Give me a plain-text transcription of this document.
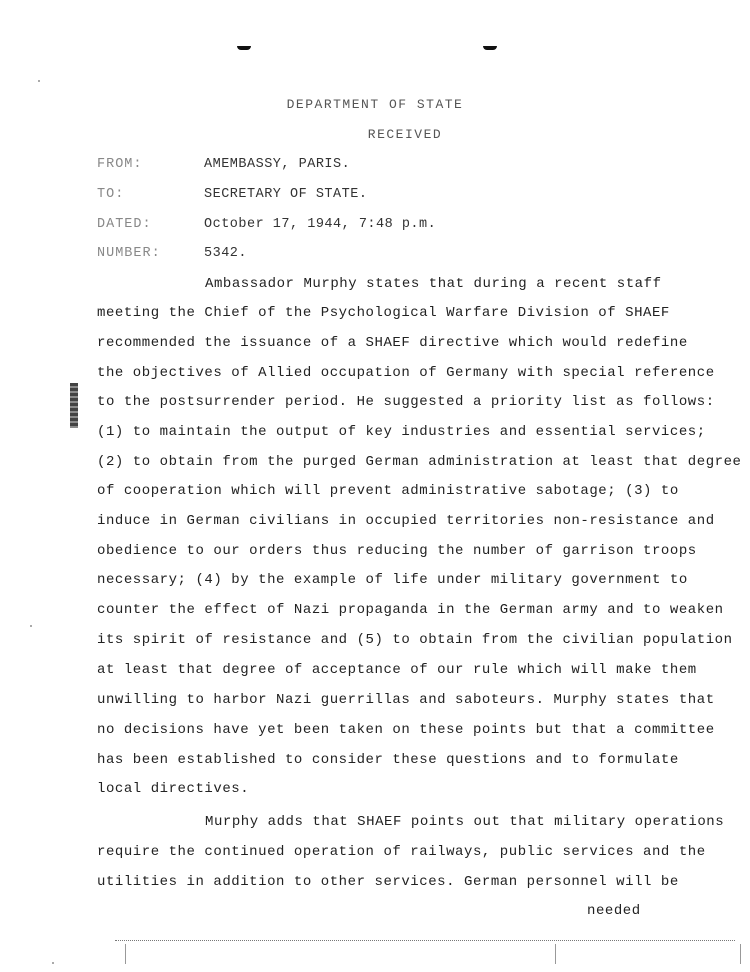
DEPARTMENT OF STATE
RECEIVED
FROM:	AMEMBASSY, PARIS.
TO:	SECRETARY OF STATE.
DATED:	October 17, 1944, 7:48 p.m.
NUMBER:	5342.
Ambassador Murphy states that during a recent staff
meeting the Chief of the Psychological Warfare Division of SHAEF
recommended the issuance of a SHAEF directive which would redefine
the objectives of Allied occupation of Germany with special reference
to the postsurrender period. He suggested a priority list as follows:
(1) to maintain the output of key industries and essential services;
(2) to obtain from the purged German administration at least that degree
of cooperation which will prevent administrative sabotage; (3) to
induce in German civilians in occupied territories non-resistance and
obedience to our orders thus reducing the number of garrison troops
necessary; (4) by the example of life under military government to
counter the effect of Nazi propaganda in the German army and to weaken
its spirit of resistance and (5) to obtain from the civilian population
at least that degree of acceptance of our rule which will make them
unwilling to harbor Nazi guerrillas and saboteurs. Murphy states that
no decisions have yet been taken on these points but that a committee
has been established to consider these questions and to formulate
local directives.
Murphy adds that SHAEF points out that military operations
require the continued operation of railways, public services and the
utilities in addition to other services. German personnel will be
needed
